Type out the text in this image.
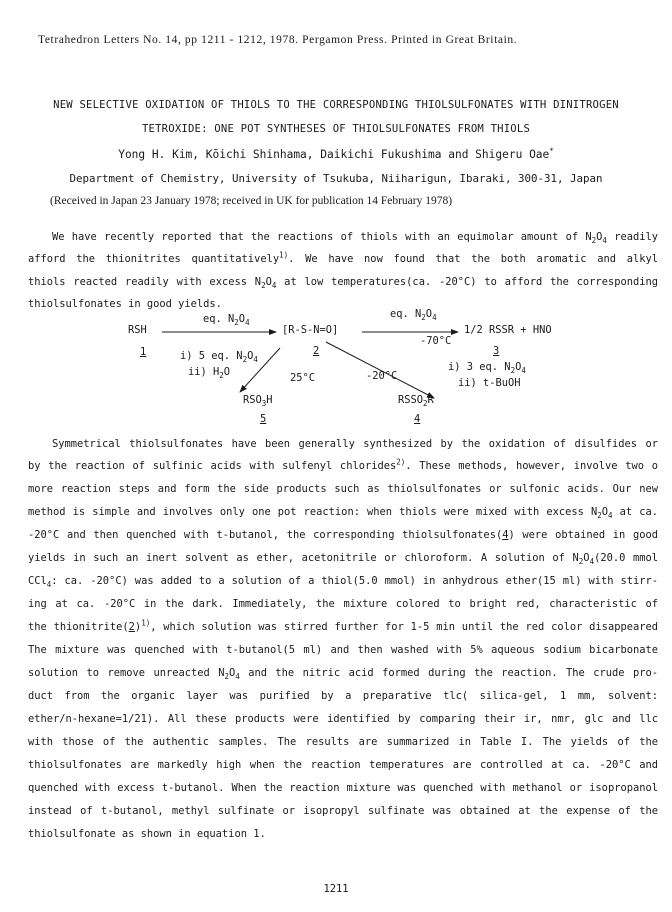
Tetrahedron Letters No. 14, pp 1211 - 1212, 1978. Pergamon Press. Printed in Great Britain.
NEW SELECTIVE OXIDATION OF THIOLS TO THE CORRESPONDING THIOLSULFONATES WITH DINITROGEN
TETROXIDE: ONE POT SYNTHESES OF THIOLSULFONATES FROM THIOLS
Yong H. Kim, Kōichi Shinhama, Daikichi Fukushima and Shigeru Oae*
Department of Chemistry, University of Tsukuba, Niiharigun, Ibaraki, 300-31, Japan
(Received in Japan 23 January 1978; received in UK for publication 14 February 1978)
We have recently reported that the reactions of thiols with an equimolar amount of $N_2O_4$ readily
afford the thionitrites quantitatively$^{1)}$. We have now found that the both aromatic and alkyl
thiols reacted readily with excess $N_2O_4$ at low temperatures(ca. -20°C) to afford the corresponding
thiolsulfonates in good yields.
RSH
eq. $N_2O_4$
[R-S-N=O]
eq. $N_2O_4$
-70°C
1/2 RSSR + HNO
1	2	3
i) 5 eq. $N_2O_4$
ii) $H_2O$	25°C	-20°C
i) 3 eq. $N_2O_4$
ii) t-BuOH
$RSO_3H$	$RSSO_2R$
5	4
Symmetrical thiolsulfonates have been generally synthesized by the oxidation of disulfides or
by the reaction of sulfinic acids with sulfenyl chlorides$^{2)}$. These methods, however, involve two o
more reaction steps and form the side products such as thiolsulfonates or sulfonic acids. Our new
method is simple and involves only one pot reaction: when thiols were mixed with excess $N_2O_4$ at ca.
-20°C and then quenched with t-butanol, the corresponding thiolsulfonates(4) were obtained in good
yields in such an inert solvent as ether, acetonitrile or chloroform. A solution of $N_2O_4(20.0$ mmol
CCl$_4$: ca. -20°C) was added to a solution of a thiol(5.0 mmol) in anhydrous ether(15 ml) with stirr-
ing at ca. -20°C in the dark. Immediately, the mixture colored to bright red, characteristic of
the $thionitrite(2)^{1)}$, which solution was stirred further for 1-5 min until the red color disappeared
The mixture was quenched with t-butanol(5 ml) and then washed with 5% aqueous sodium bicarbonate
solution to remove unreacted $N_2O_4$ and the nitric acid formed during the reaction. The crude pro-
duct from the organic layer was purified by a preparative tlc( silica-gel, 1 mm, solvent:
ether/n-hexane=1/21). All these products were identified by comparing their ir, nmr, glc and llc
with those of the authentic samples. The results are summarized in Table I. The yields of the
thiolsulfonates are markedly high when the reaction temperatures are controlled at ca. -20°C and
quenched with excess t-butanol. When the reaction mixture was quenched with methanol or isopropanol
instead of t-butanol, methyl sulfinate or isopropyl sulfinate was obtained at the expense of the
thiolsulfonate as shown in equation 1.
1211
